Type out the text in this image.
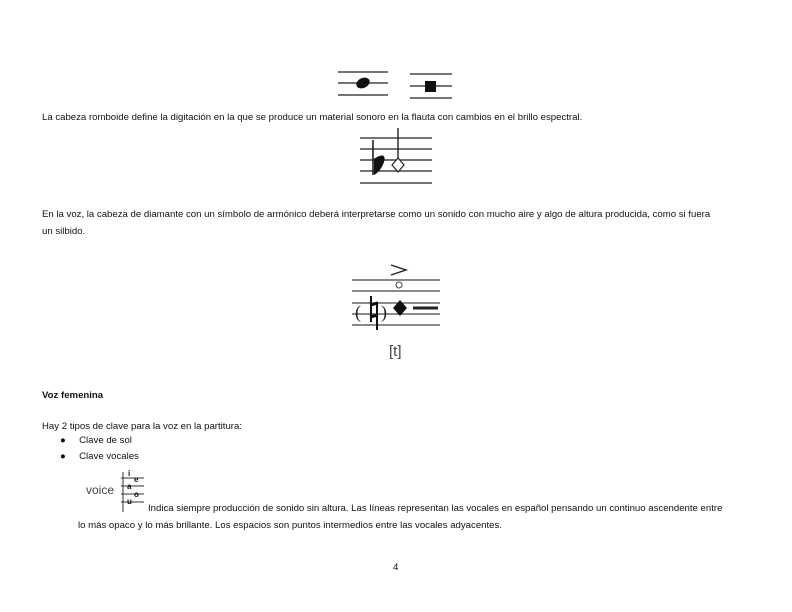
( )
La cabeza romboide define la digitación en la que se produce un material sonoro en la flauta con cambios en el brillo espectral.
En la voz, la cabeza de diamante con un símbolo de armónico deberá interpretarse como un sonido con mucho aire y algo de altura producida, como si fuera
un silbido.
[t]
Voz femenina
Hay 2 tipos de clave para la voz en la partitura:
●     Clave de sol
●     Clave vocales
voice
i
e
a
o
u
Indica siempre producción de sonido sin altura. Las líneas representan las vocales en español pensando un continuo ascendente entre
lo más opaco y lo más brillante. Los espacios son puntos intermedios entre las vocales adyacentes.
4
